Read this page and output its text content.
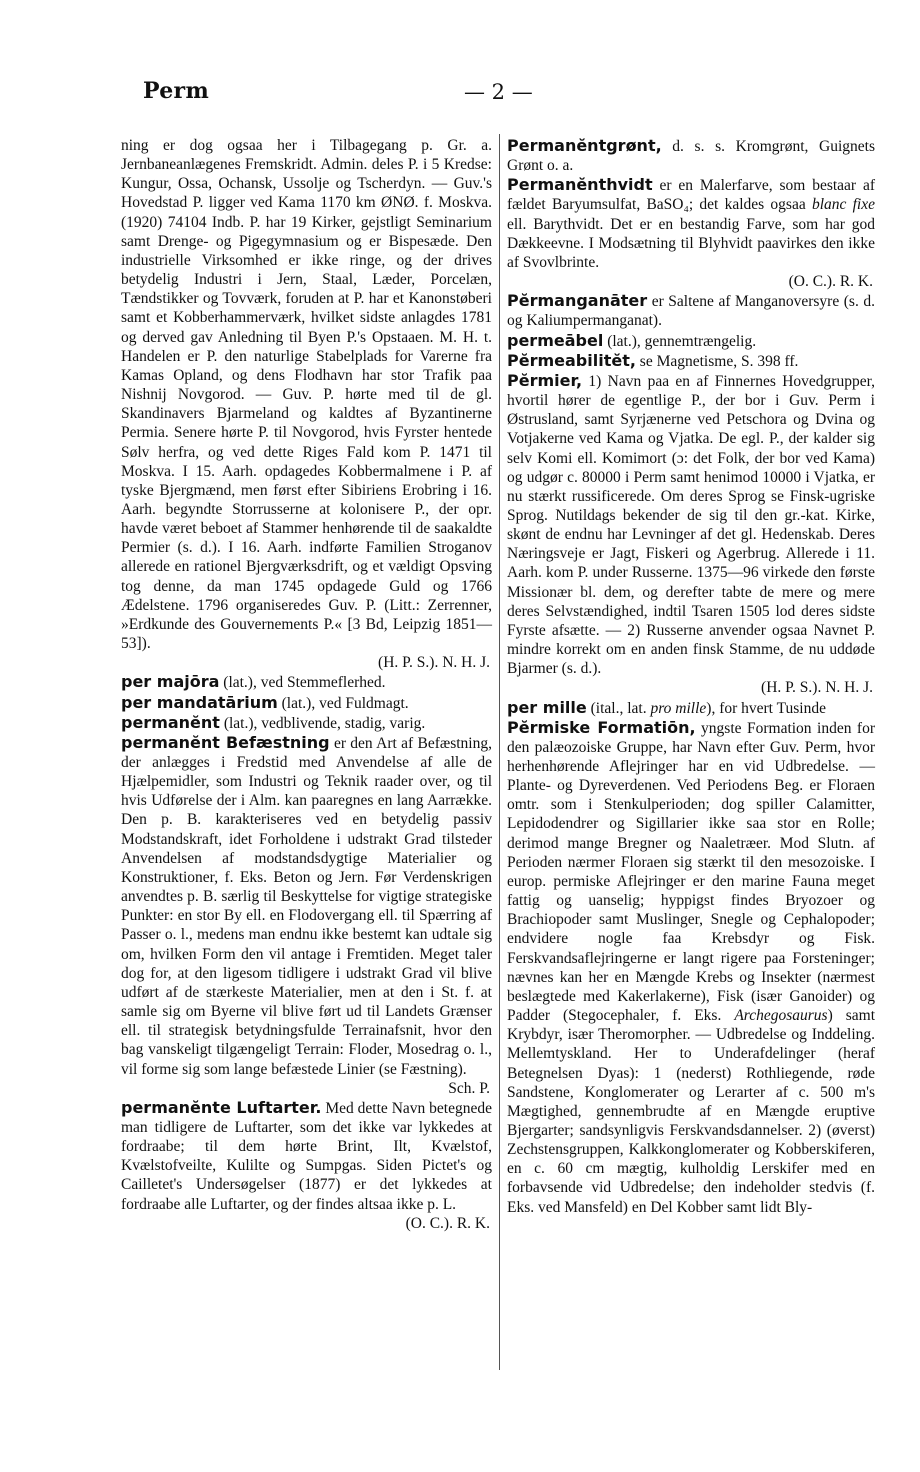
Perm	— 2 —

ning er dog ogsaa her i Tilbagegang p. Gr. a. Jernbaneanlægenes Fremskridt. Admin. deles P. i 5 Kredse: Kungur, Ossa, Ochansk, Ussolje og Tscherdyn. — Guv.'s Hovedstad P. ligger ved Kama 1170 km ØNØ. f. Moskva. (1920) 74104 Indb. P. har 19 Kirker, gejstligt Seminarium samt Drenge- og Pigegymnasium og er Bispesæde. Den industrielle Virksomhed er ikke ringe, og der drives betydelig Industri i Jern, Staal, Læder, Porcelæn, Tændstikker og Tovværk, foruden at P. har et Kanonstøberi samt et Kobberhammerværk, hvilket sidste anlagdes 1781 og derved gav Anledning til Byen P.'s Opstaaen. M. H. t. Handelen er P. den naturlige Stabelplads for Varerne fra Kamas Opland, og dens Flodhavn har stor Trafik paa Nishnij Novgorod. — Guv. P. hørte med til de gl. Skandinavers Bjarmeland og kaldtes af Byzantinerne Permia. Senere hørte P. til Novgorod, hvis Fyrster hentede Sølv herfra, og ved dette Riges Fald kom P. 1471 til Moskva. I 15. Aarh. opdagedes Kobbermalmene i P. af tyske Bjergmænd, men først efter Sibiriens Erobring i 16. Aarh. begyndte Storrusserne at kolonisere P., der opr. havde været beboet af Stammer henhørende til de saakaldte Permier (s. d.). I 16. Aarh. indførte Familien Stroganov allerede en rationel Bjergværksdrift, og et vældigt Opsving tog denne, da man 1745 opdagede Guld og 1766 Ædelstene. 1796 organiseredes Guv. P. (Litt.: Zerrenner, »Erdkunde des Gouvernements P.« [3 Bd, Leipzig 1851—53]).
(H. P. S.). N. H. J.

per majōra (lat.), ved Stemmeflerhed.

per mandatārium (lat.), ved Fuldmagt.

permanĕnt (lat.), vedblivende, stadig, varig.

permanĕnt Befæstning er den Art af Befæstning, der anlægges i Fredstid med Anvendelse af alle de Hjælpemidler, som Industri og Teknik raader over, og til hvis Udførelse der i Alm. kan paaregnes en lang Aarrække. Den p. B. karakteriseres ved en betydelig passiv Modstandskraft, idet Forholdene i udstrakt Grad tilsteder Anvendelsen af modstandsdygtige Materialier og Konstruktioner, f. Eks. Beton og Jern. Før Verdenskrigen anvendtes p. B. særlig til Beskyttelse for vigtige strategiske Punkter: en stor By ell. en Flodovergang ell. til Spærring af Passer o. l., medens man endnu ikke bestemt kan udtale sig om, hvilken Form den vil antage i Fremtiden. Meget taler dog for, at den ligesom tidligere i udstrakt Grad vil blive udført af de stærkeste Materialier, men at den i St. f. at samle sig om Byerne vil blive ført ud til Landets Grænser ell. til strategisk betydningsfulde Terrainafsnit, hvor den bag vanskeligt tilgængeligt Terrain: Floder, Mosedrag o. l., vil forme sig som lange befæstede Linier (se Fæstning).
Sch. P.

permanĕnte Luftarter. Med dette Navn betegnede man tidligere de Luftarter, som det ikke var lykkedes at fordraabe; til dem hørte Brint, Ilt, Kvælstof, Kvælstofveilte, Kulilte og Sumpgas. Siden Pictet's og Cailletet's Undersøgelser (1877) er det lykkedes at fordraabe alle Luftarter, og der findes altsaa ikke p. L.
(O. C.). R. K.

Permanĕntgrønt, d. s. s. Kromgrønt, Guignets Grønt o. a.

Permanĕnthvidt er en Malerfarve, som bestaar af fældet Baryumsulfat, BaSO₄; det kaldes ogsaa blanc fixe ell. Barythvidt. Det er en bestandig Farve, som har god Dækkeevne. I Modsætning til Blyhvidt paavirkes den ikke af Svovlbrinte.
(O. C.). R. K.

Pĕrmanganāter er Saltene af Manganoversyre (s. d. og Kaliumpermanganat).

permeābel (lat.), gennemtrængelig.

Pĕrmeabilitĕt, se Magnetisme, S. 398 ff.

Pĕrmier, 1) Navn paa en af Finnernes Hovedgrupper, hvortil hører de egentlige P., der bor i Guv. Perm i Østrusland, samt Syrjænerne ved Petschora og Dvina og Votjakerne ved Kama og Vjatka. De egl. P., der kalder sig selv Komi ell. Komimort (ɔ: det Folk, der bor ved Kama) og udgør c. 80000 i Perm samt henimod 10000 i Vjatka, er nu stærkt russificerede. Om deres Sprog se Finsk-ugriske Sprog. Nutildags bekender de sig til den gr.-kat. Kirke, skønt de endnu har Levninger af det gl. Hedenskab. Deres Næringsveje er Jagt, Fiskeri og Agerbrug. Allerede i 11. Aarh. kom P. under Russerne. 1375—96 virkede den første Missionær bl. dem, og derefter tabte de mere og mere deres Selvstændighed, indtil Tsaren 1505 lod deres sidste Fyrste afsætte. — 2) Russerne anvender ogsaa Navnet P. mindre korrekt om en anden finsk Stamme, de nu uddøde Bjarmer (s. d.).
(H. P. S.). N. H. J.

per mille (ital., lat. pro mille), for hvert Tusinde

Pĕrmiske Formatiōn, yngste Formation inden for den palæozoiske Gruppe, har Navn efter Guv. Perm, hvor herhenhørende Aflejringer har en vid Udbredelse. — Plante- og Dyreverdenen. Ved Periodens Beg. er Floraen omtr. som i Stenkulperioden; dog spiller Calamitter, Lepidodendrer og Sigillarier ikke saa stor en Rolle; derimod mange Bregner og Naaletræer. Mod Slutn. af Perioden nærmer Floraen sig stærkt til den mesozoiske. I europ. permiske Aflejringer er den marine Fauna meget fattig og uanselig; hyppigst findes Bryozoer og Brachiopoder samt Muslinger, Snegle og Cephalopoder; endvidere nogle faa Krebsdyr og Fisk. Ferskvandsaflejringerne er langt rigere paa Forsteninger; nævnes kan her en Mængde Krebs og Insekter (nærmest beslægtede med Kakerlakerne), Fisk (især Ganoider) og Padder (Stegocephaler, f. Eks. Archegosaurus) samt Krybdyr, især Theromorpher. — Udbredelse og Inddeling. Mellemtyskland. Her to Underafdelinger (heraf Betegnelsen Dyas): 1 (nederst) Rothliegende, røde Sandstene, Konglomerater og Lerarter af c. 500 m's Mægtighed, gennembrudte af en Mængde eruptive Bjergarter; sandsynligvis Ferskvandsdannelser. 2) (øverst) Zechstensgruppen, Kalkkonglomerater og Kobberskiferen, en c. 60 cm mægtig, kulholdig Lerskifer med en forbavsende vid Udbredelse; den indeholder stedvis (f. Eks. ved Mansfeld) en Del Kobber samt lidt Bly-
